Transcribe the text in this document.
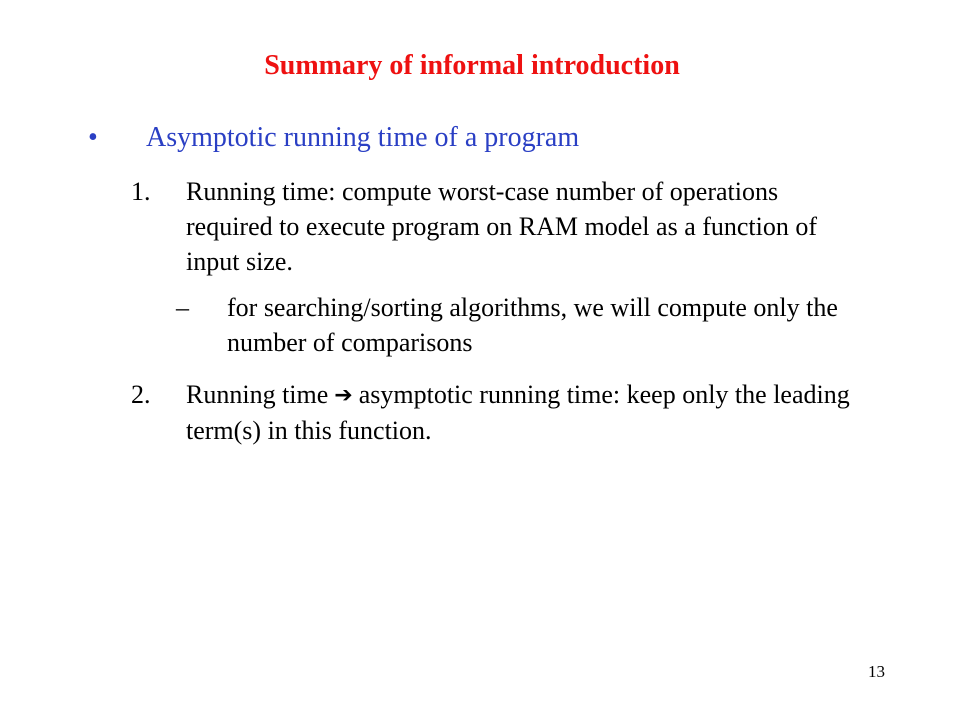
Summary of informal introduction
•	Asymptotic running time of a program
1.	Running time: compute worst-case number of operations required to execute program on RAM model as a function of input size.
–	for searching/sorting algorithms, we will compute only the number of comparisons
2.	Running time ➔ asymptotic running time: keep only the leading term(s) in this function.
13
